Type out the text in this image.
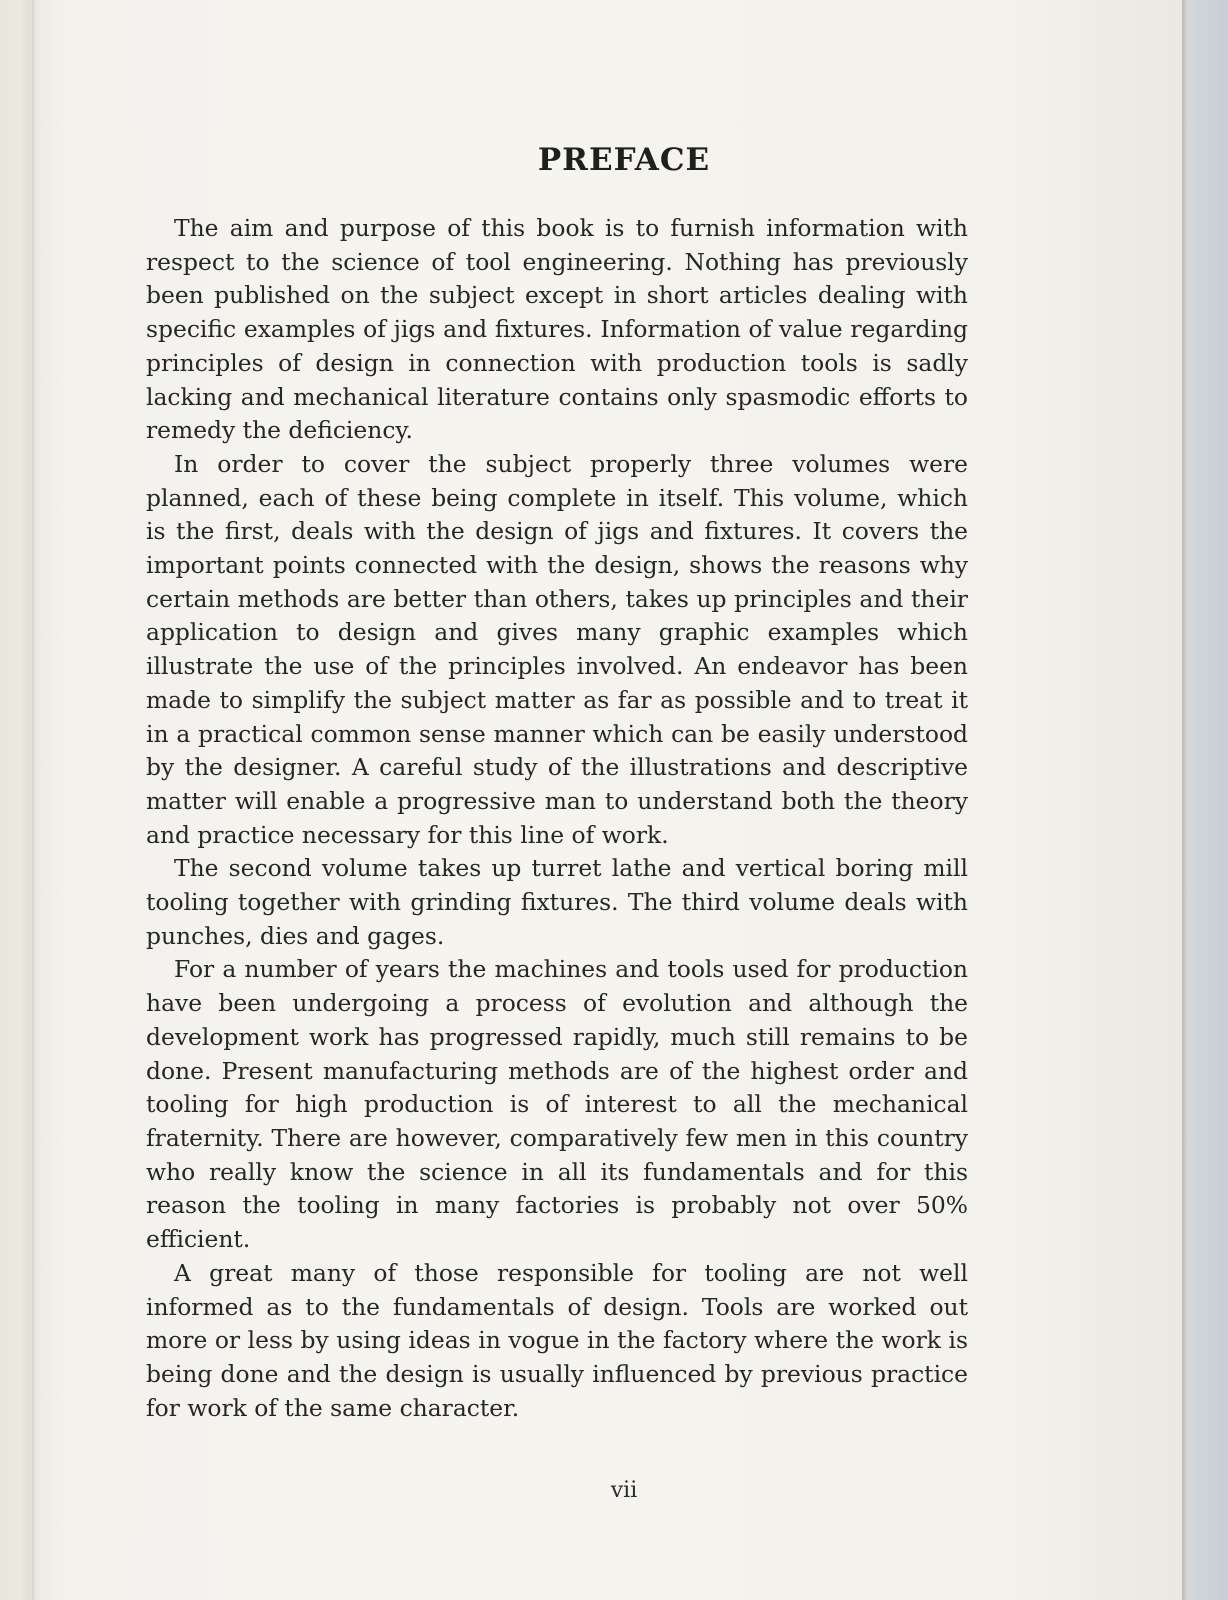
PREFACE

The aim and purpose of this book is to furnish information with respect to the science of tool engineering. Nothing has previously been published on the subject except in short articles dealing with specific examples of jigs and fixtures. Information of value regarding principles of design in connection with production tools is sadly lacking and mechanical literature contains only spasmodic efforts to remedy the deficiency.

In order to cover the subject properly three volumes were planned, each of these being complete in itself. This volume, which is the first, deals with the design of jigs and fixtures. It covers the important points connected with the design, shows the reasons why certain methods are better than others, takes up principles and their application to design and gives many graphic examples which illustrate the use of the principles involved. An endeavor has been made to simplify the subject matter as far as possible and to treat it in a practical common sense manner which can be easily understood by the designer. A careful study of the illustrations and descriptive matter will enable a progressive man to understand both the theory and practice necessary for this line of work.

The second volume takes up turret lathe and vertical boring mill tooling together with grinding fixtures. The third volume deals with punches, dies and gages.

For a number of years the machines and tools used for production have been undergoing a process of evolution and although the development work has progressed rapidly, much still remains to be done. Present manufacturing methods are of the highest order and tooling for high production is of interest to all the mechanical fraternity. There are however, comparatively few men in this country who really know the science in all its fundamentals and for this reason the tooling in many factories is probably not over 50% efficient.

A great many of those responsible for tooling are not well informed as to the fundamentals of design. Tools are worked out more or less by using ideas in vogue in the factory where the work is being done and the design is usually influenced by previous practice for work of the same character.

vii
